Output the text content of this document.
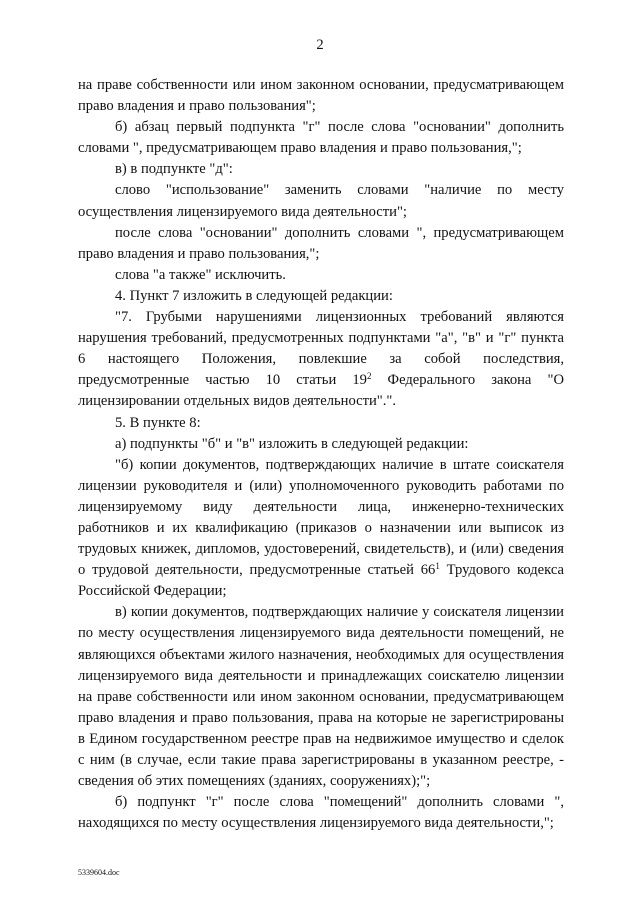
2

на праве собственности или ином законном основании, предусматривающем право владения и право пользования";

б) абзац первый подпункта "г" после слова "основании" дополнить словами ", предусматривающем право владения и право пользования,";

в) в подпункте "д":

слово "использование" заменить словами "наличие по месту осуществления лицензируемого вида деятельности";

после слова "основании" дополнить словами ", предусматривающем право владения и право пользования,";

слова "а также" исключить.

4. Пункт 7 изложить в следующей редакции:

"7. Грубыми нарушениями лицензионных требований являются нарушения требований, предусмотренных подпунктами "а", "в" и "г" пункта 6 настоящего Положения, повлекшие за собой последствия, предусмотренные частью 10 статьи $19^2$ Федерального закона "О лицензировании отдельных видов деятельности".".

5. В пункте 8:

а) подпункты "б" и "в" изложить в следующей редакции:

"б) копии документов, подтверждающих наличие в штате соискателя лицензии руководителя и (или) уполномоченного руководить работами по лицензируемому виду деятельности лица, инженерно-технических работников и их квалификацию (приказов о назначении или выписок из трудовых книжек, дипломов, удостоверений, свидетельств), и (или) сведения о трудовой деятельности, предусмотренные статьей $66^1$ Трудового кодекса Российской Федерации;

в) копии документов, подтверждающих наличие у соискателя лицензии по месту осуществления лицензируемого вида деятельности помещений, не являющихся объектами жилого назначения, необходимых для осуществления лицензируемого вида деятельности и принадлежащих соискателю лицензии на праве собственности или ином законном основании, предусматривающем право владения и право пользования, права на которые не зарегистрированы в Едином государственном реестре прав на недвижимое имущество и сделок с ним (в случае, если такие права зарегистрированы в указанном реестре, - сведения об этих помещениях (зданиях, сооружениях);";

б) подпункт "г" после слова "помещений" дополнить словами ", находящихся по месту осуществления лицензируемого вида деятельности,";

5339604.doc
